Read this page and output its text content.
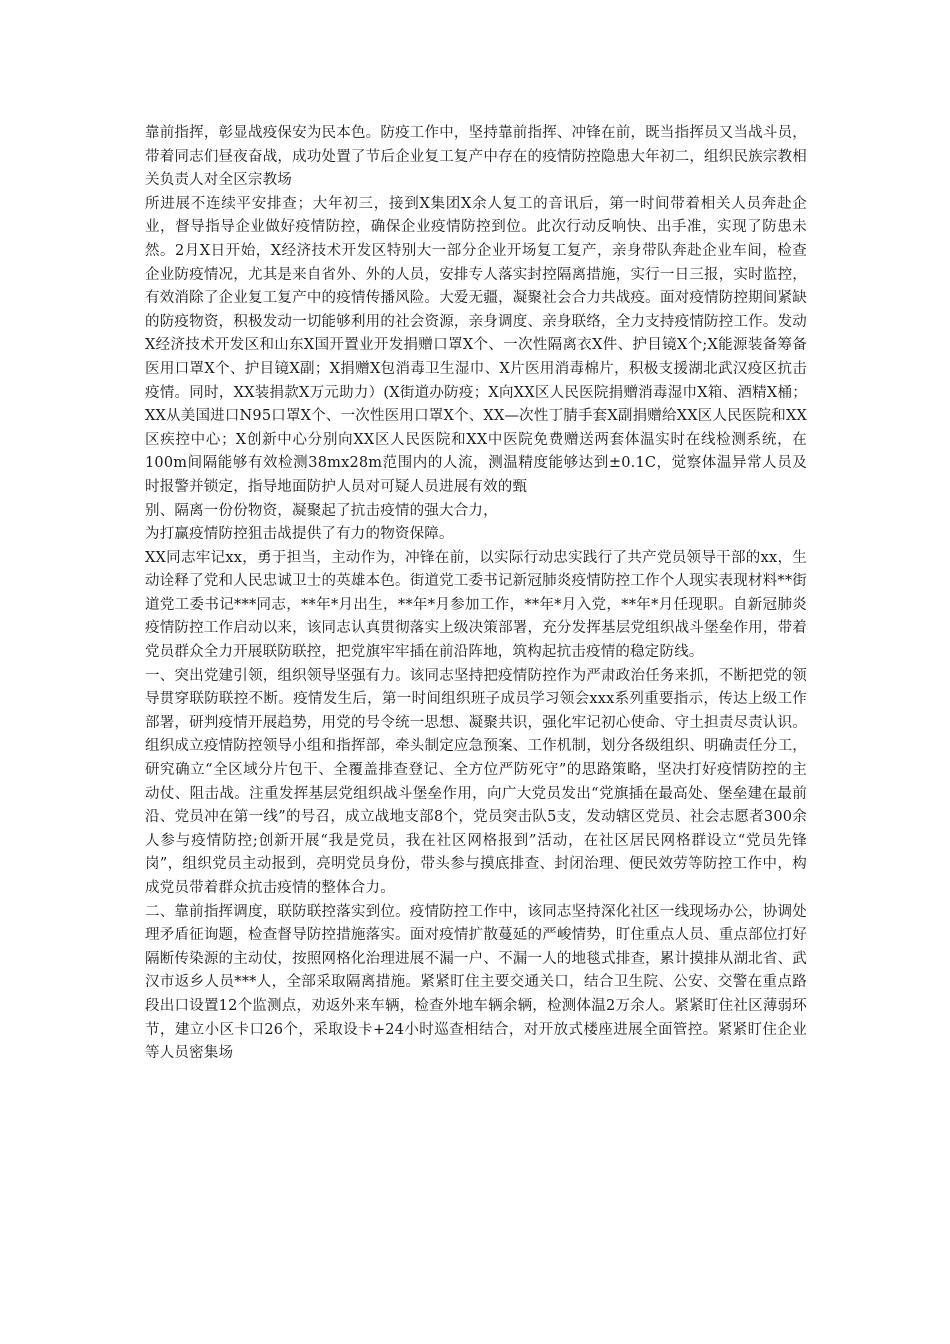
靠前指挥，彰显战疫保安为民本色。防疫工作中，坚持靠前指挥、冲锋在前，既当指挥员又当战斗员，带着同志们昼夜奋战，成功处置了节后企业复工复产中存在的疫情防控隐患大年初二，组织民族宗教相关负责人对全区宗教场

所进展不连续平安排查；大年初三，接到X集团X余人复工的音讯后，第一时间带着相关人员奔赴企业，督导指导企业做好疫情防控，确保企业疫情防控到位。此次行动反响快、出手准，实现了防患未然。2月X日开始，X经济技术开发区特别大一部分企业开场复工复产，亲身带队奔赴企业车间，检查企业防疫情况，尤其是来自省外、外的人员，安排专人落实封控隔离措施，实行一日三报，实时监控，有效消除了企业复工复产中的疫情传播风险。大爱无疆，凝聚社会合力共战疫。面对疫情防控期间紧缺的防疫物资，积极发动一切能够利用的社会资源，亲身调度、亲身联络，全力支持疫情防控工作。发动X经济技术开发区和山东X国开置业开发捐赠口罩X个、一次性隔离衣X件、护目镜X个;X能源装备筹备医用口罩X个、护目镜X副；X捐赠X包消毒卫生湿巾、X片医用消毒棉片，积极支援湖北武汉疫区抗击疫情。同时，XX装捐款X万元助力）(X街道办防疫；X向XX区人民医院捐赠消毒湿巾X箱、酒精X桶；XX从美国进口N95口罩X个、一次性医用口罩X个、XX—次性丁腈手套X副捐赠给XX区人民医院和XX区疾控中心；X创新中心分别向XX区人民医院和XX中医院免费赠送两套体温实时在线检测系统，在100m间隔能够有效检测38mx28m范围内的人流，测温精度能够达到±0.1C，觉察体温异常人员及时报警并锁定，指导地面防护人员对可疑人员进展有效的甄

别、隔离一份份物资，凝聚起了抗击疫情的强大合力，

为打赢疫情防控狙击战提供了有力的物资保障。

XX同志牢记xx，勇于担当，主动作为，冲锋在前，以实际行动忠实践行了共产党员领导干部的xx，生动诠释了党和人民忠诚卫士的英雄本色。街道党工委书记新冠肺炎疫情防控工作个人现实表现材料**街道党工委书记***同志，**年*月出生，**年*月参加工作，**年*月入党，**年*月任现职。自新冠肺炎疫情防控工作启动以来，该同志认真贯彻落实上级决策部署，充分发挥基层党组织战斗堡垒作用，带着党员群众全力开展联防联控，把党旗牢牢插在前沿阵地，筑构起抗击疫情的稳定防线。

一、突出党建引领，组织领导坚强有力。该同志坚持把疫情防控作为严肃政治任务来抓，不断把党的领导贯穿联防联控不断。疫情发生后，第一时间组织班子成员学习领会xxx系列重要指示，传达上级工作部署，研判疫情开展趋势，用党的号令统一思想、凝聚共识，强化牢记初心使命、守土担责尽责认识。组织成立疫情防控领导小组和指挥部，牵头制定应急预案、工作机制，划分各级组织、明确责任分工，研究确立“全区域分片包干、全覆盖排查登记、全方位严防死守”的思路策略，坚决打好疫情防控的主动仗、阻击战。注重发挥基层党组织战斗堡垒作用，向广大党员发出“党旗插在最高处、堡垒建在最前沿、党员冲在第一线”的号召，成立战地支部8个，党员突击队5支，发动辖区党员、社会志愿者300余人参与疫情防控;创新开展“我是党员，我在社区网格报到”活动，在社区居民网格群设立“党员先锋岗”，组织党员主动报到，亮明党员身份，带头参与摸底排查、封闭治理、便民效劳等防控工作中，构成党员带着群众抗击疫情的整体合力。

二、靠前指挥调度，联防联控落实到位。疫情防控工作中，该同志坚持深化社区一线现场办公，协调处理矛盾征询题，检查督导防控措施落实。面对疫情扩散蔓延的严峻情势，盯住重点人员、重点部位打好隔断传染源的主动仗，按照网格化治理进展不漏一户、不漏一人的地毯式排查，累计摸排从湖北省、武汉市返乡人员***人，全部采取隔离措施。紧紧盯住主要交通关口，结合卫生院、公安、交警在重点路段出口设置12个监测点，劝返外来车辆，检查外地车辆余辆，检测体温2万余人。紧紧盯住社区薄弱环节，建立小区卡口26个，采取设卡+24小时巡查相结合，对开放式楼座进展全面管控。紧紧盯住企业等人员密集场
